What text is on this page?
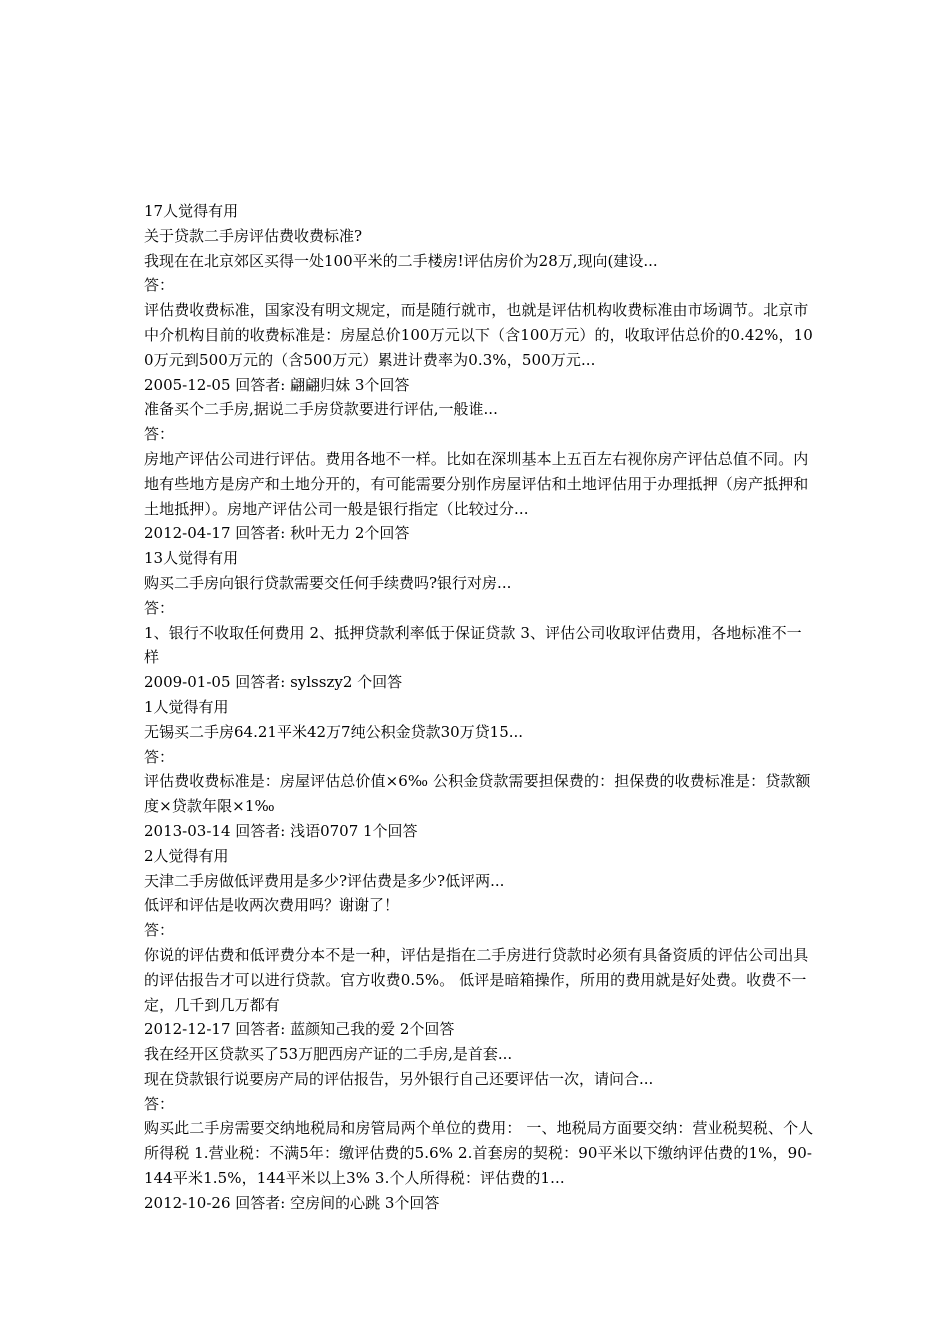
17人觉得有用
关于贷款二手房评估费收费标准?
我现在在北京郊区买得一处100平米的二手楼房!评估房价为28万,现向(建设...
答：
评估费收费标准，国家没有明文规定，而是随行就市，也就是评估机构收费标准由市场调节。北京市中介机构目前的收费标准是：房屋总价100万元以下（含100万元）的，收取评估总价的0.42%，100万元到500万元的（含500万元）累进计费率为0.3%，500万元...
2005-12-05 回答者: 翩翩归妹 3个回答
准备买个二手房,据说二手房贷款要进行评估,一般谁...
答：
房地产评估公司进行评估。费用各地不一样。比如在深圳基本上五百左右视你房产评估总值不同。内地有些地方是房产和土地分开的，有可能需要分别作房屋评估和土地评估用于办理抵押（房产抵押和土地抵押）。房地产评估公司一般是银行指定（比较过分...
2012-04-17 回答者: 秋叶无力 2个回答
13人觉得有用
购买二手房向银行贷款需要交任何手续费吗?银行对房...
答：
1、银行不收取任何费用 2、抵押贷款利率低于保证贷款 3、评估公司收取评估费用，各地标准不一样
2009-01-05 回答者: sylsszy2 个回答
1人觉得有用
无锡买二手房64.21平米42万7纯公积金贷款30万贷15...
答：
评估费收费标准是：房屋评估总价值×6‰ 公积金贷款需要担保费的：担保费的收费标准是：贷款额度×贷款年限×1‰
2013-03-14 回答者: 浅语0707 1个回答
2人觉得有用
天津二手房做低评费用是多少?评估费是多少?低评两...
低评和评估是收两次费用吗？谢谢了！
答：
你说的评估费和低评费分本不是一种，评估是指在二手房进行贷款时必须有具备资质的评估公司出具的评估报告才可以进行贷款。官方收费0.5%。 低评是暗箱操作，所用的费用就是好处费。收费不一定，几千到几万都有
2012-12-17 回答者: 蓝颜知己我的爱 2个回答
我在经开区贷款买了53万肥西房产证的二手房,是首套...
现在贷款银行说要房产局的评估报告，另外银行自己还要评估一次，请问合...
答：
购买此二手房需要交纳地税局和房管局两个单位的费用： 一、地税局方面要交纳：营业税契税、个人所得税 1.营业税：不满5年：缴评估费的5.6% 2.首套房的契税：90平米以下缴纳评估费的1%，90-144平米1.5%，144平米以上3% 3.个人所得税：评估费的1...
2012-10-26 回答者: 空房间的心跳 3个回答
